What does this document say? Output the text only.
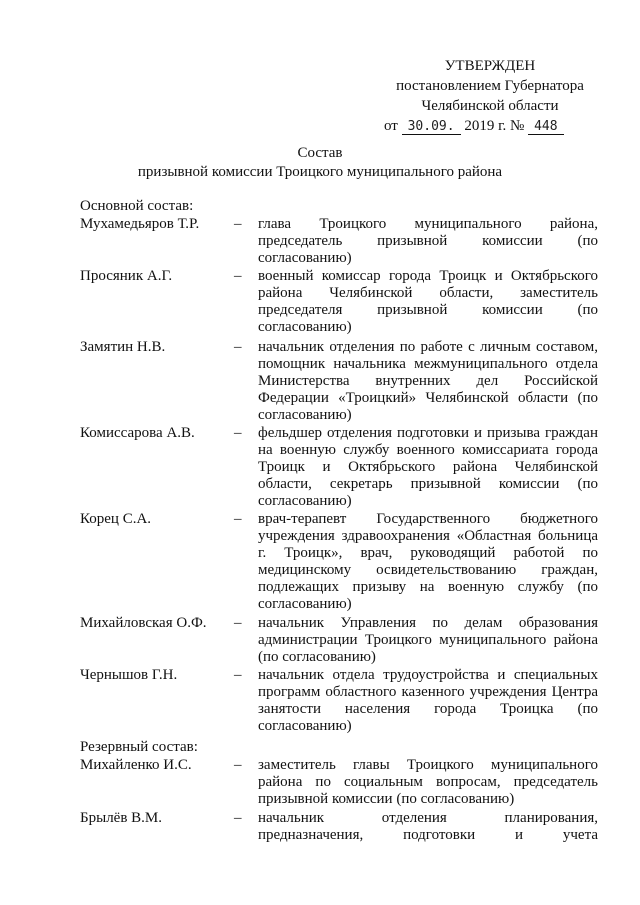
УТВЕРЖДЕН
постановлением Губернатора
Челябинской области
от 30.09. 2019 г. № 448
Состав
призывной комиссии Троицкого муниципального района
Основной состав:
Мухамедьяров Т.Р. – глава Троицкого муниципального района, председатель призывной комиссии (по согласованию)
Просяник А.Г.	– военный комиссар города Троицк и Октябрьского района Челябинской области, заместитель председателя призывной комиссии (по согласованию)
Замятин Н.В.	– начальник отделения по работе с личным составом, помощник начальника межмуниципального отдела Министерства внутренних дел Российской Федерации «Троицкий» Челябинской области (по согласованию)
Комиссарова А.В.	– фельдшер отделения подготовки и призыва граждан на военную службу военного комиссариата города Троицк и Октябрьского района Челябинской области, секретарь призывной комиссии (по согласованию)
Корец С.А.	– врач-терапевт Государственного бюджетного учреждения здравоохранения «Областная больница г. Троицк», врач, руководящий работой по медицинскому освидетельствованию граждан, подлежащих призыву на военную службу (по согласованию)
Михайловская О.Ф. – начальник Управления по делам образования администрации Троицкого муниципального района (по согласованию)
Чернышов Г.Н.	– начальник отдела трудоустройства и специальных программ областного казенного учреждения Центра занятости населения города Троицка (по согласованию)
Резервный состав:
Михайленко И.С.	– заместитель главы Троицкого муниципального района по социальным вопросам, председатель призывной комиссии (по согласованию)
Брылёв В.М.	– начальник отделения планирования, предназначения, подготовки и учета
